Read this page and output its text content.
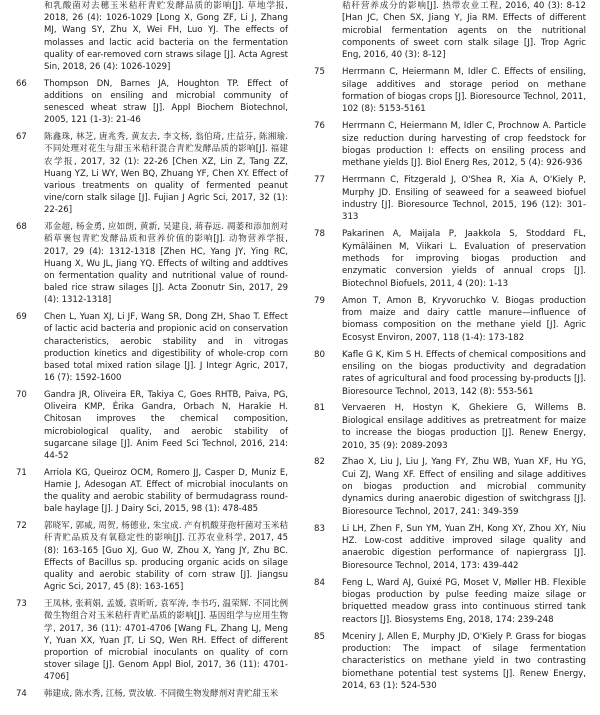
和乳酸菌对去穗玉米秸秆青贮发酵品质的影响[J]. 草地学报, 2018, 26 (4): 1026-1029 [Long X, Gong ZF, Li J, Zhang MJ, Wang SY, Zhu X, Wei FH, Luo YJ. The effects of molasses and lactic acid bacteria on the fermentation quality of ear-removed corn straws silage [J]. Acta Agrest Sin, 2018, 26 (4): 1026-1029]
66	Thompson DN, Barnes JA, Houghton TP. Effect of additions on ensiling and microbial community of senesced wheat straw [J]. Appl Biochem Biotechnol, 2005, 121 (1-3): 21-46
67	陈鑫珠, 林芝, 唐兆秀, 黄友去, 李文杨, 翁伯琦, 庄益芬, 陈湘瑜. 不同处理对花生与甜玉米秸秆混合青贮发酵品质的影响[J]. 福建农学报, 2017, 32 (1): 22-26 [Chen XZ, Lin Z, Tang ZZ, Huang YZ, Li WY, Wen BQ, Zhuang YF, Chen XY. Effect of various treatments on quality of fermented peanut vine/corn stalk silage [J]. Fujian J Agric Sci, 2017, 32 (1): 22-26]
68	邓金超, 杨金勇, 应如朗, 黄新, 吴建良, 蒋春远. 凋萎和添加剂对稻草裹包青贮发酵品质和营养价值的影响[J]. 动物营养学报, 2017, 29 (4): 1312-1318 [Zhen HC, Yang JY, Ying RC, Huang X, Wu JL, Jiang YQ. Effects of wilting and addtives on fermentation quality and nutritional value of round-baled rice straw silages [J]. Acta Zoonutr Sin, 2017, 29 (4): 1312-1318]
69	Chen L, Yuan XJ, Li JF, Wang SR, Dong ZH, Shao T. Effect of lactic acid bacteria and propionic acid on conservation characteristics, aerobic stability and in vitrogas production kinetics and digestibility of whole-crop corn based total mixed ration silage [J]. J Integr Agric, 2017, 16 (7): 1592-1600
70	Gandra JR, Oliveira ER, Takiya C, Goes RHTB, Paiva, PG, Oliveira KMP, Érika Gandra, Orbach N, Harakie H. Chitosan improves the chemical composition, microbiological quality, and aerobic stability of sugarcane silage [J]. Anim Feed Sci Technol, 2016, 214: 44-52
71	Arriola KG, Queiroz OCM, Romero JJ, Casper D, Muniz E, Hamie J, Adesogan AT. Effect of microbial inoculants on the quality and aerobic stability of bermudagrass round-bale haylage [J]. J Dairy Sci, 2015, 98 (1): 478-485
72	郭晓军, 郭威, 周贺, 杨德业, 朱宝成. 产有机酸芽孢杆菌对玉米秸秆青贮品质及有氧稳定性的影响[J]. 江苏农业科学, 2017, 45 (8): 163-165 [Guo XJ, Guo W, Zhou X, Yang JY, Zhu BC. Effects of Bacillus sp. producing organic acids on silage quality and aerobic stability of corn straw [J]. Jiangsu Agric Sci, 2017, 45 (8): 163-165]
73	王凤林, 张莉娟, 孟媛, 袁昕昕, 袁军涛, 李书巧, 温荣辉. 不同比例微生物组合对玉米秸秆青贮品质的影响[J]. 基因组学与应用生物学, 2017, 36 (11): 4701-4706 [Wang FL, Zhang LJ, Meng Y, Yuan XX, Yuan JT, Li SQ, Wen RH. Effect of different proportion of microbial inoculants on quality of corn stover silage [J]. Genom Appl Biol, 2017, 36 (11): 4701-4706]
74	韩建成, 陈水秀, 江杨, 贾汝敏. 不同微生物发酵剂对青贮甜玉米
秸秆营养成分的影响[J]. 热带农业工程, 2016, 40 (3): 8-12 [Han JC, Chen SX, Jiang Y, Jia RM. Effects of different microbial fermentation agents on the nutritional components of sweet corn stalk silage [J]. Trop Agric Eng, 2016, 40 (3): 8-12]
75	Herrmann C, Heiermann M, Idler C. Effects of ensiling, silage additives and storage period on methane formation of biogas crops [J]. Bioresource Technol, 2011, 102 (8): 5153-5161
76	Herrmann C, Heiermann M, Idler C, Prochnow A. Particle size reduction during harvesting of crop feedstock for biogas production I: effects on ensiling process and methane yields [J]. Biol Energ Res, 2012, 5 (4): 926-936
77	Herrmann C, Fitzgerald J, O'Shea R, Xia A, O'Kiely P, Murphy JD. Ensiling of seaweed for a seaweed biofuel industry [J]. Bioresource Technol, 2015, 196 (12): 301-313
78	Pakarinen A, Maijala P, Jaakkola S, Stoddard FL, Kymäläinen M, Viikari L. Evaluation of preservation methods for improving biogas production and enzymatic conversion yields of annual crops [J]. Biotechnol Biofuels, 2011, 4 (20): 1-13
79	Amon T, Amon B, Kryvoruchko V. Biogas production from maize and dairy cattle manure—influence of biomass composition on the methane yield [J]. Agric Ecosyst Environ, 2007, 118 (1-4): 173-182
80	Kafle G K, Kim S H. Effects of chemical compositions and ensiling on the biogas productivity and degradation rates of agricultural and food processing by-products [J]. Bioresource Technol, 2013, 142 (8): 553-561
81	Vervaeren H, Hostyn K, Ghekiere G, Willems B. Biological ensilage additives as pretreatment for maize to increase the biogas production [J]. Renew Energy, 2010, 35 (9): 2089-2093
82	Zhao X, Liu J, Liu J, Yang FY, Zhu WB, Yuan XF, Hu YG, Cui ZJ, Wang XF. Effect of ensiling and silage additives on biogas production and microbial community dynamics during anaerobic digestion of switchgrass [J]. Bioresource Technol, 2017, 241: 349-359
83	Li LH, Zhen F, Sun YM, Yuan ZH, Kong XY, Zhou XY, Niu HZ. Low-cost additive improved silage quality and anaerobic digestion performance of napiergrass [J]. Bioresource Technol, 2014, 173: 439-442
84	Feng L, Ward AJ, Guixé PG, Moset V, Møller HB. Flexible biogas production by pulse feeding maize silage or briquetted meadow grass into continuous stirred tank reactors [J]. Biosystems Eng, 2018, 174: 239-248
85	Mceniry J, Allen E, Murphy JD, O'Kiely P. Grass for biogas production: The impact of silage fermentation characteristics on methane yield in two contrasting biomethane potential test systems [J]. Renew Energy, 2014, 63 (1): 524-530
